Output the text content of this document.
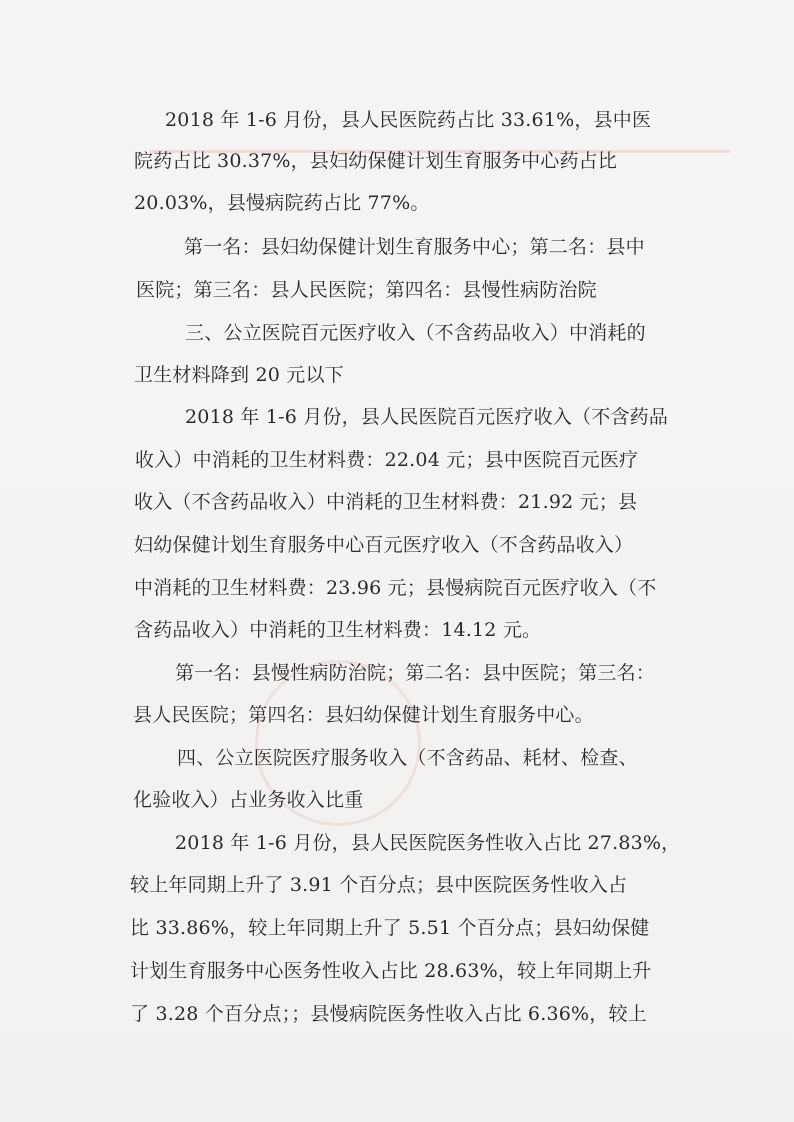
2018 年 1-6 月份，县人民医院药占比 33.61%，县中医
院药占比 30.37%，县妇幼保健计划生育服务中心药占比
20.03%，县慢病院药占比 77%。
第一名：县妇幼保健计划生育服务中心；第二名：县中
医院；第三名：县人民医院；第四名：县慢性病防治院
三、公立医院百元医疗收入（不含药品收入）中消耗的
卫生材料降到 20 元以下
2018 年 1-6 月份，县人民医院百元医疗收入（不含药品
收入）中消耗的卫生材料费：22.04 元；县中医院百元医疗
收入（不含药品收入）中消耗的卫生材料费：21.92 元；县
妇幼保健计划生育服务中心百元医疗收入（不含药品收入）
中消耗的卫生材料费：23.96 元；县慢病院百元医疗收入（不
含药品收入）中消耗的卫生材料费：14.12 元。
第一名：县慢性病防治院；第二名：县中医院；第三名：
县人民医院；第四名：县妇幼保健计划生育服务中心。
四、公立医院医疗服务收入（不含药品、耗材、检查、
化验收入）占业务收入比重
2018 年 1-6 月份，县人民医院医务性收入占比 27.83%，
较上年同期上升了 3.91 个百分点；县中医院医务性收入占
比 33.86%，较上年同期上升了 5.51 个百分点；县妇幼保健
计划生育服务中心医务性收入占比 28.63%，较上年同期上升
了 3.28 个百分点；；县慢病院医务性收入占比 6.36%，较上
